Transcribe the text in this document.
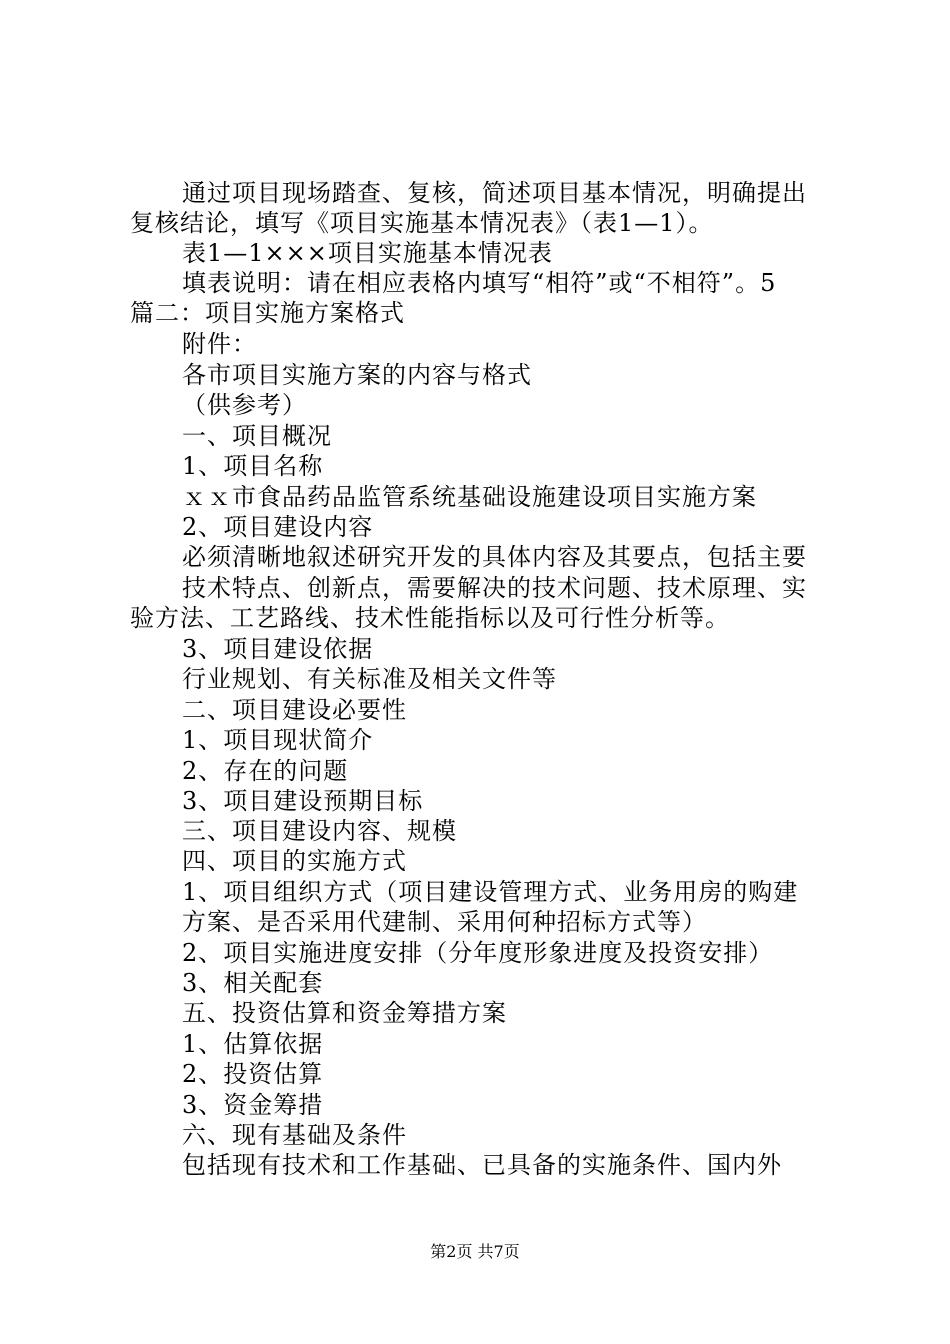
通过项目现场踏查、复核，简述项目基本情况，明确提出
复核结论，填写《项目实施基本情况表》（表1—1）。
表1—1×××项目实施基本情况表
填表说明：请在相应表格内填写“相符”或“不相符”。5
篇二：项目实施方案格式
附件：
各市项目实施方案的内容与格式
（供参考）
一、项目概况
1、项目名称
ｘｘ市食品药品监管系统基础设施建设项目实施方案
2、项目建设内容
必须清晰地叙述研究开发的具体内容及其要点，包括主要
技术特点、创新点，需要解决的技术问题、技术原理、实
验方法、工艺路线、技术性能指标以及可行性分析等。
3、项目建设依据
行业规划、有关标准及相关文件等
二、项目建设必要性
1、项目现状简介
2、存在的问题
3、项目建设预期目标
三、项目建设内容、规模
四、项目的实施方式
1、项目组织方式（项目建设管理方式、业务用房的购建
方案、是否采用代建制、采用何种招标方式等）
2、项目实施进度安排（分年度形象进度及投资安排）
3、相关配套
五、投资估算和资金筹措方案
1、估算依据
2、投资估算
3、资金筹措
六、现有基础及条件
包括现有技术和工作基础、已具备的实施条件、国内外
第2页 共7页
